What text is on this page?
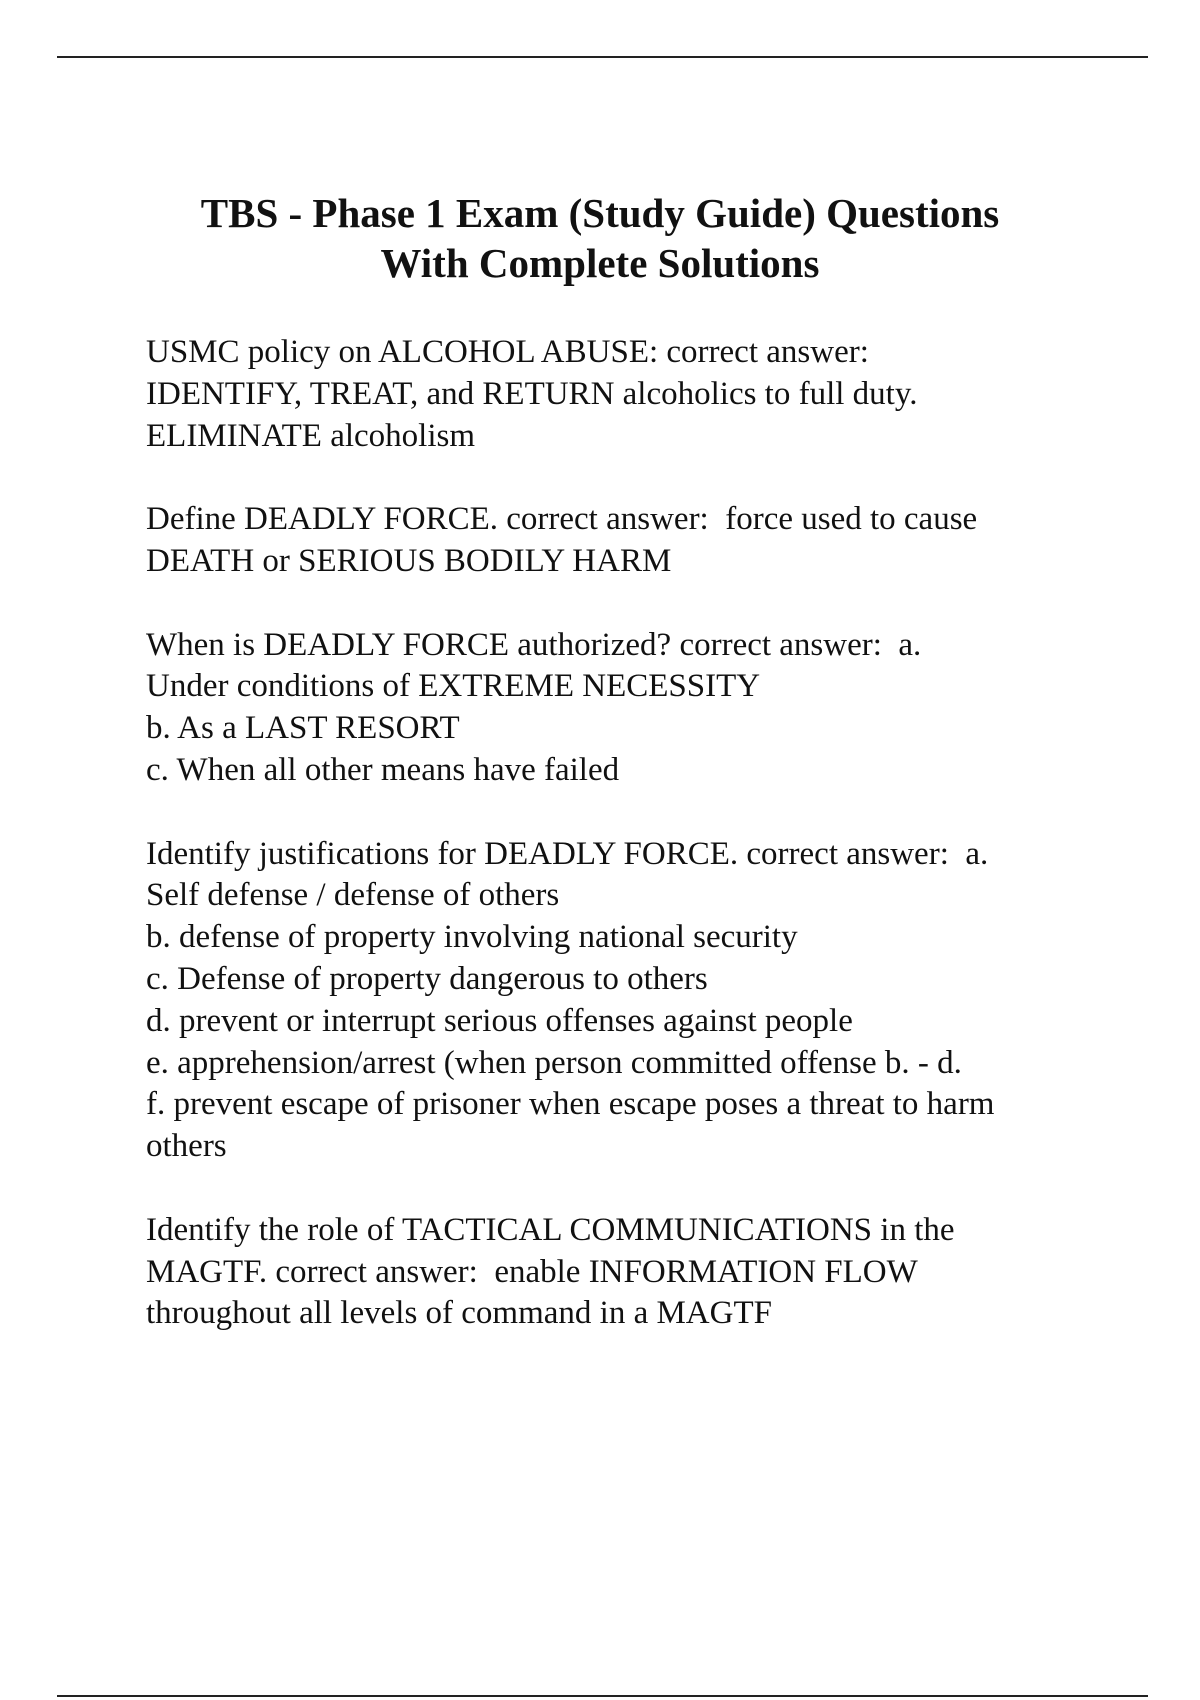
TBS - Phase 1 Exam (Study Guide) Questions
With Complete Solutions

USMC policy on ALCOHOL ABUSE: correct answer:
IDENTIFY, TREAT, and RETURN alcoholics to full duty.
ELIMINATE alcoholism

Define DEADLY FORCE. correct answer:  force used to cause
DEATH or SERIOUS BODILY HARM

When is DEADLY FORCE authorized? correct answer:  a.
Under conditions of EXTREME NECESSITY
b. As a LAST RESORT
c. When all other means have failed

Identify justifications for DEADLY FORCE. correct answer:  a.
Self defense / defense of others
b. defense of property involving national security
c. Defense of property dangerous to others
d. prevent or interrupt serious offenses against people
e. apprehension/arrest (when person committed offense b. - d.
f. prevent escape of prisoner when escape poses a threat to harm
others

Identify the role of TACTICAL COMMUNICATIONS in the
MAGTF. correct answer:  enable INFORMATION FLOW
throughout all levels of command in a MAGTF
